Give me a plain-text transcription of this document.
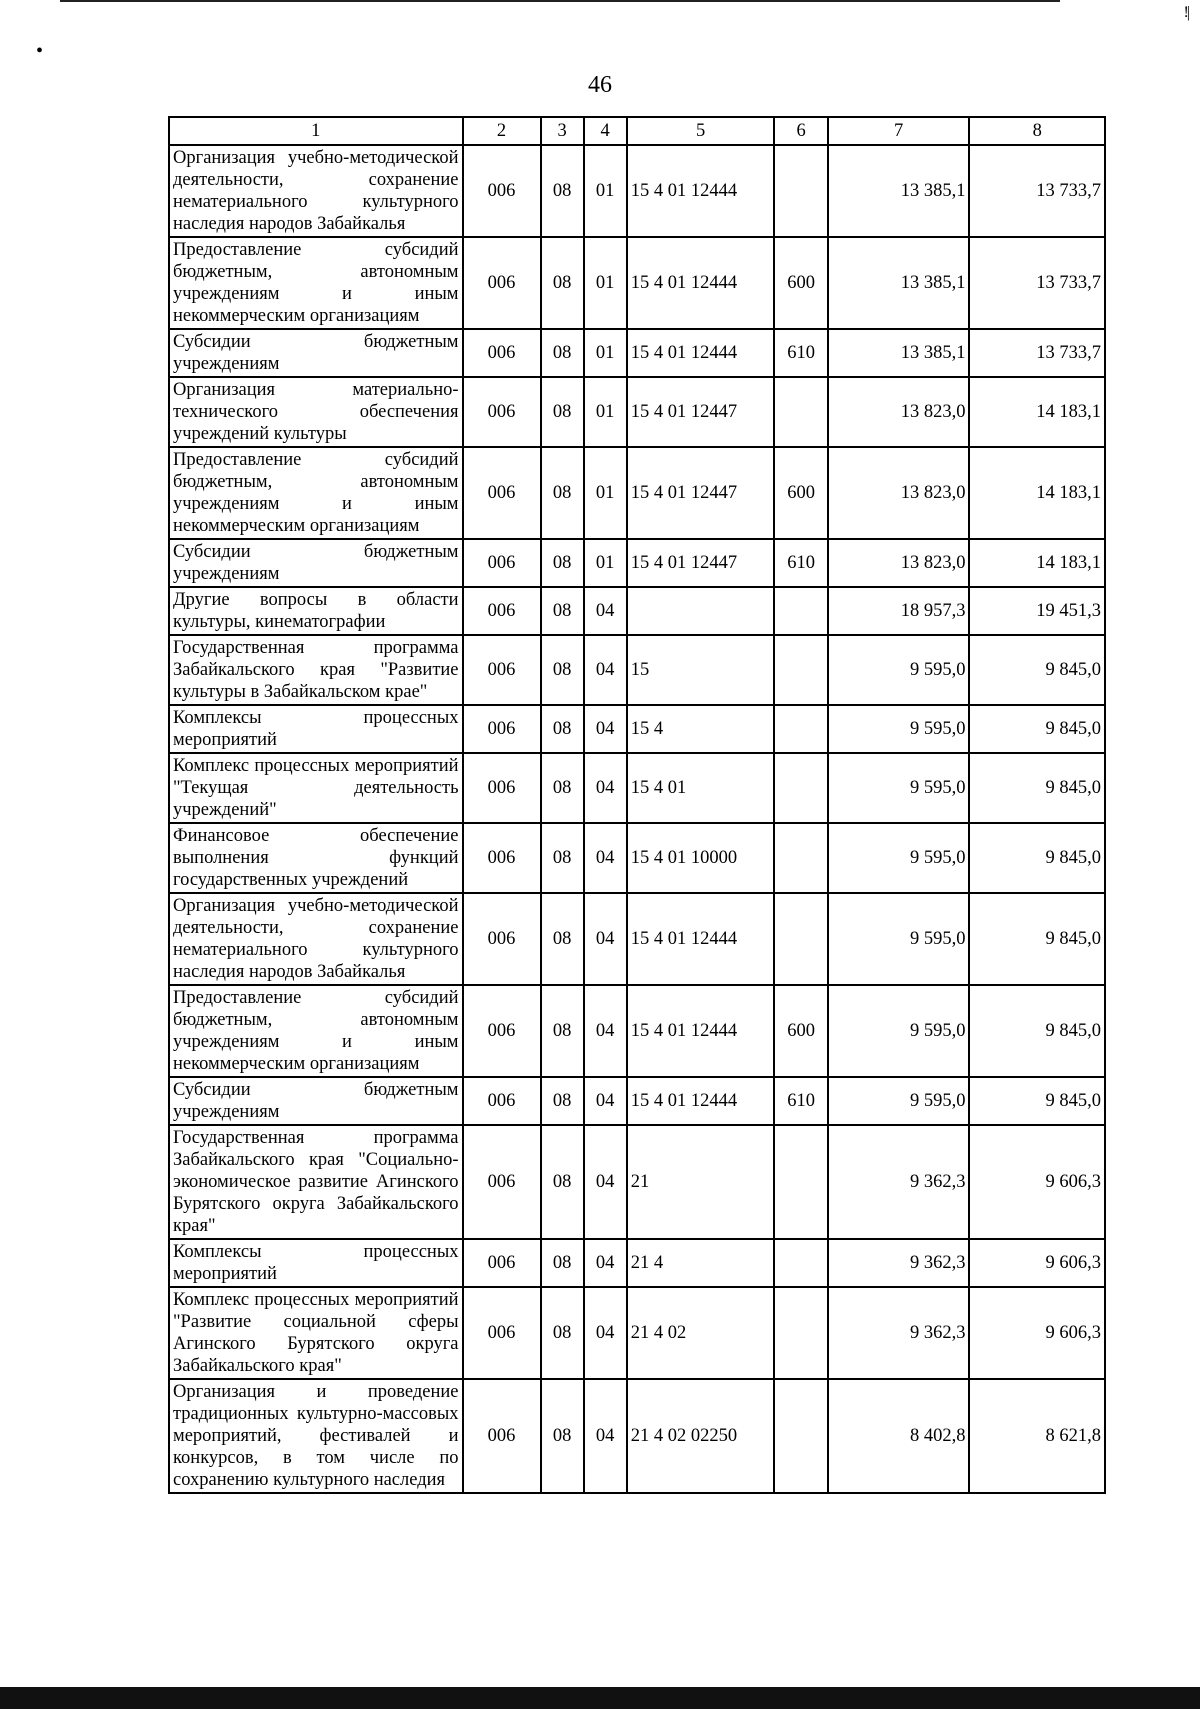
•
!|
46
1	2	3	4	5	6	7	8
Организация учебно-методической деятельности, сохранение нематериального культурного наследия народов Забайкалья	006	08	01	15 4 01 12444		13 385,1	13 733,7
Предоставление субсидий бюджетным, автономным учреждениям и иным некоммерческим организациям	006	08	01	15 4 01 12444	600	13 385,1	13 733,7
Субсидии бюджетным учреждениям	006	08	01	15 4 01 12444	610	13 385,1	13 733,7
Организация материально-технического обеспечения учреждений культуры	006	08	01	15 4 01 12447		13 823,0	14 183,1
Предоставление субсидий бюджетным, автономным учреждениям и иным некоммерческим организациям	006	08	01	15 4 01 12447	600	13 823,0	14 183,1
Субсидии бюджетным учреждениям	006	08	01	15 4 01 12447	610	13 823,0	14 183,1
Другие вопросы в области культуры, кинематографии	006	08	04			18 957,3	19 451,3
Государственная программа Забайкальского края "Развитие культуры в Забайкальском крае"	006	08	04	15		9 595,0	9 845,0
Комплексы процессных мероприятий	006	08	04	15 4		9 595,0	9 845,0
Комплекс процессных мероприятий "Текущая деятельность учреждений"	006	08	04	15 4 01		9 595,0	9 845,0
Финансовое обеспечение выполнения функций государственных учреждений	006	08	04	15 4 01 10000		9 595,0	9 845,0
Организация учебно-методической деятельности, сохранение нематериального культурного наследия народов Забайкалья	006	08	04	15 4 01 12444		9 595,0	9 845,0
Предоставление субсидий бюджетным, автономным учреждениям и иным некоммерческим организациям	006	08	04	15 4 01 12444	600	9 595,0	9 845,0
Субсидии бюджетным учреждениям	006	08	04	15 4 01 12444	610	9 595,0	9 845,0
Государственная программа Забайкальского края "Социально-экономическое развитие Агинского Бурятского округа Забайкальского края"	006	08	04	21		9 362,3	9 606,3
Комплексы процессных мероприятий	006	08	04	21 4		9 362,3	9 606,3
Комплекс процессных мероприятий "Развитие социальной сферы Агинского Бурятского округа Забайкальского края"	006	08	04	21 4 02		9 362,3	9 606,3
Организация и проведение традиционных культурно-массовых мероприятий, фестивалей и конкурсов, в том числе по сохранению культурного наследия	006	08	04	21 4 02 02250		8 402,8	8 621,8
